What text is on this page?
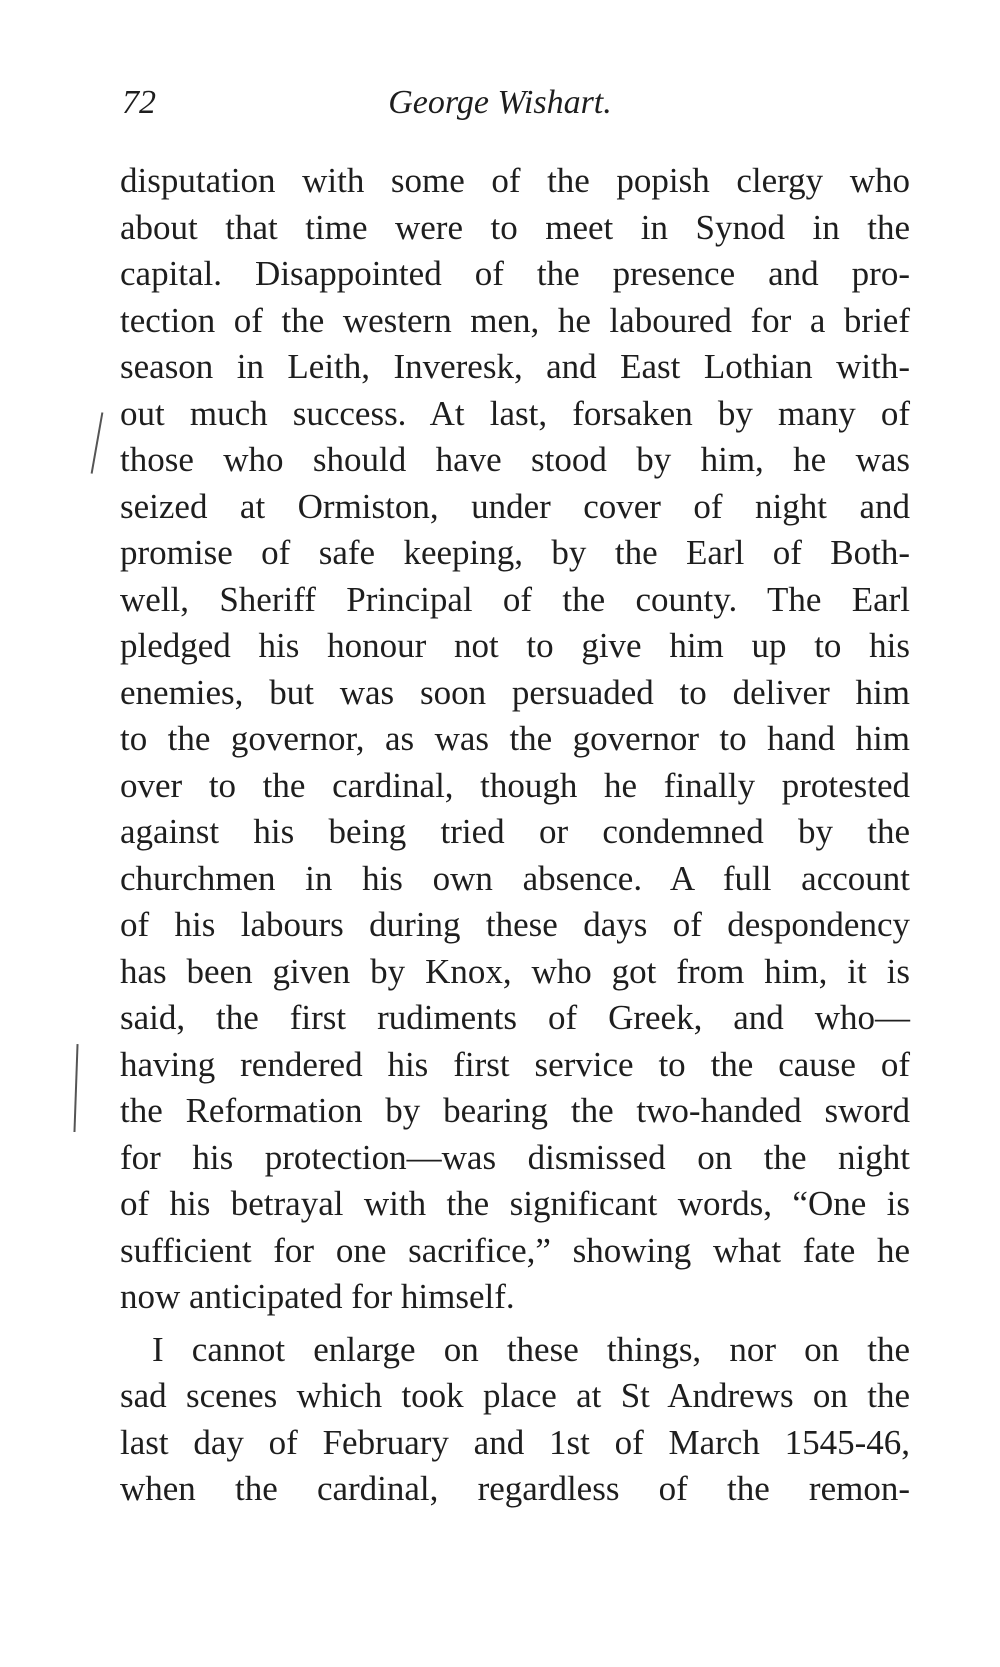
72	George Wishart.
disputation with some of the popish clergy who
about that time were to meet in Synod in the
capital. Disappointed of the presence and pro-
tection of the western men, he laboured for a brief
season in Leith, Inveresk, and East Lothian with-
out much success. At last, forsaken by many of
those who should have stood by him, he was
seized at Ormiston, under cover of night and
promise of safe keeping, by the Earl of Both-
well, Sheriff Principal of the county. The Earl
pledged his honour not to give him up to his
enemies, but was soon persuaded to deliver him
to the governor, as was the governor to hand him
over to the cardinal, though he finally protested
against his being tried or condemned by the
churchmen in his own absence. A full account
of his labours during these days of despondency
has been given by Knox, who got from him, it is
said, the first rudiments of Greek, and who—
having rendered his first service to the cause of
the Reformation by bearing the two-handed sword
for his protection—was dismissed on the night
of his betrayal with the significant words, “One is
sufficient for one sacrifice,” showing what fate he
now anticipated for himself.
I cannot enlarge on these things, nor on the
sad scenes which took place at St Andrews on the
last day of February and 1st of March 1545-46,
when the cardinal, regardless of the remon-
